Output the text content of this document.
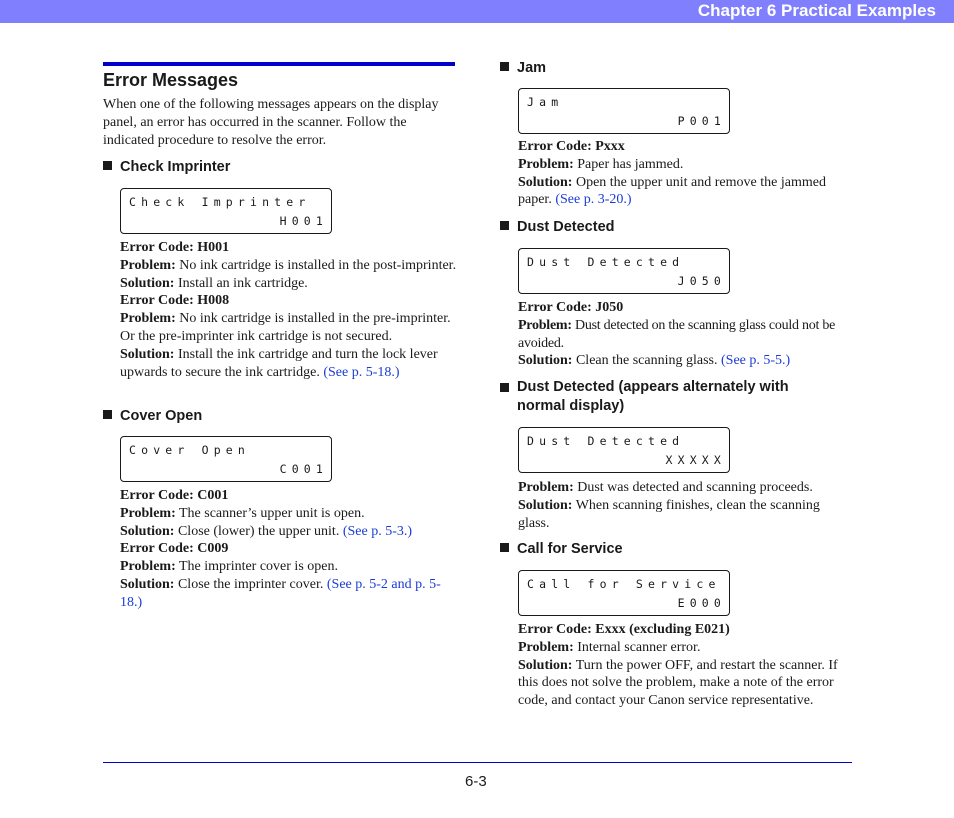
Chapter 6 Practical Examples
Error Messages

When one of the following messages appears on the display panel, an error has occurred in the scanner. Follow the indicated procedure to resolve the error.

Check Imprinter
Check Imprinter
H001
Error Code: H001
Problem: No ink cartridge is installed in the post-imprinter.
Solution: Install an ink cartridge.
Error Code: H008
Problem: No ink cartridge is installed in the pre-imprinter. Or the pre-imprinter ink cartridge is not secured.
Solution: Install the ink cartridge and turn the lock lever upwards to secure the ink cartridge. (See p. 5-18.)
Cover Open
Cover Open
C001
Error Code: C001
Problem: The scanner’s upper unit is open.
Solution: Close (lower) the upper unit. (See p. 5-3.)
Error Code: C009
Problem: The imprinter cover is open.
Solution: Close the imprinter cover. (See p. 5-2 and p. 5-18.)
Jam
Jam
P001
Error Code: Pxxx
Problem: Paper has jammed.
Solution: Open the upper unit and remove the jammed paper. (See p. 3-20.)
Dust Detected
Dust Detected
J050
Error Code: J050
Problem: Dust detected on the scanning glass could not be avoided.
Solution: Clean the scanning glass. (See p. 5-5.)
Dust Detected (appears alternately with normal display)
Dust Detected
XXXXX
Problem: Dust was detected and scanning proceeds.
Solution: When scanning finishes, clean the scanning glass.
Call for Service
Call for Service
E000
Error Code: Exxx (excluding E021)
Problem: Internal scanner error.
Solution: Turn the power OFF, and restart the scanner. If this does not solve the problem, make a note of the error code, and contact your Canon service representative.
6-3
